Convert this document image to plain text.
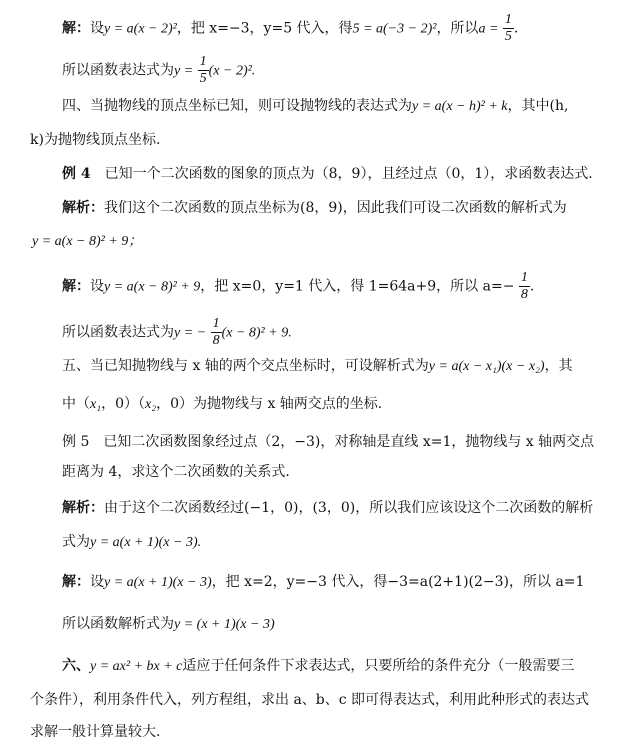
解：设y = a(x − 2)²，把 x=−3，y=5 代入，得5 = a(−3 − 2)²，所以$a = \frac{1}{5}$ .
所以函数表达式为$y = \frac{1}{5} (x - 2)^2$.
四、当抛物线的顶点坐标已知，则可设抛物线的表达式为y = a(x − h)² + k，其中(h,
k)为抛物线顶点坐标.
例 4　 已知一个二次函数的图象的顶点为（8，9），且经过点（0，1），求函数表达式.
解析：我们这个二次函数的顶点坐标为(8，9)，因此我们可设二次函数的解析式为
y = a(x − 8)² + 9；
解：设y = a(x − 8)² + 9，把 x=0，y=1 代入，得 1=64a+9，所以 $a=- \frac{1}{8}$ .
所以函数表达式为y = − $\frac{1}{8} (x - 8)^2 + 9$.
五、当已知抛物线与 x 轴的两个交点坐标时，可设解析式为y = a(x − x₁)(x − x₂)，其
中（x₁，0）（x₂，0）为抛物线与 x 轴两交点的坐标.
例 5　已知二次函数图象经过点（2，−3)，对称轴是直线 x=1，抛物线与 x 轴两交点
距离为 4，求这个二次函数的关系式.
解析：由于这个二次函数经过(−1，0)，(3，0)，所以我们应该设这个二次函数的解析
式为y = a(x + 1)(x − 3).
解：设y = a(x + 1)(x − 3)，把 x=2，y=−3 代入，得−3=a(2+1)(2−3)，所以 a=1
所以函数解析式为y = (x + 1)(x − 3)
六、y = ax² + bx + c适应于任何条件下求表达式，只要所给的条件充分（一般需要三
个条件），利用条件代入，列方程组，求出 a、b、c 即可得表达式，利用此种形式的表达式
求解一般计算量较大.
